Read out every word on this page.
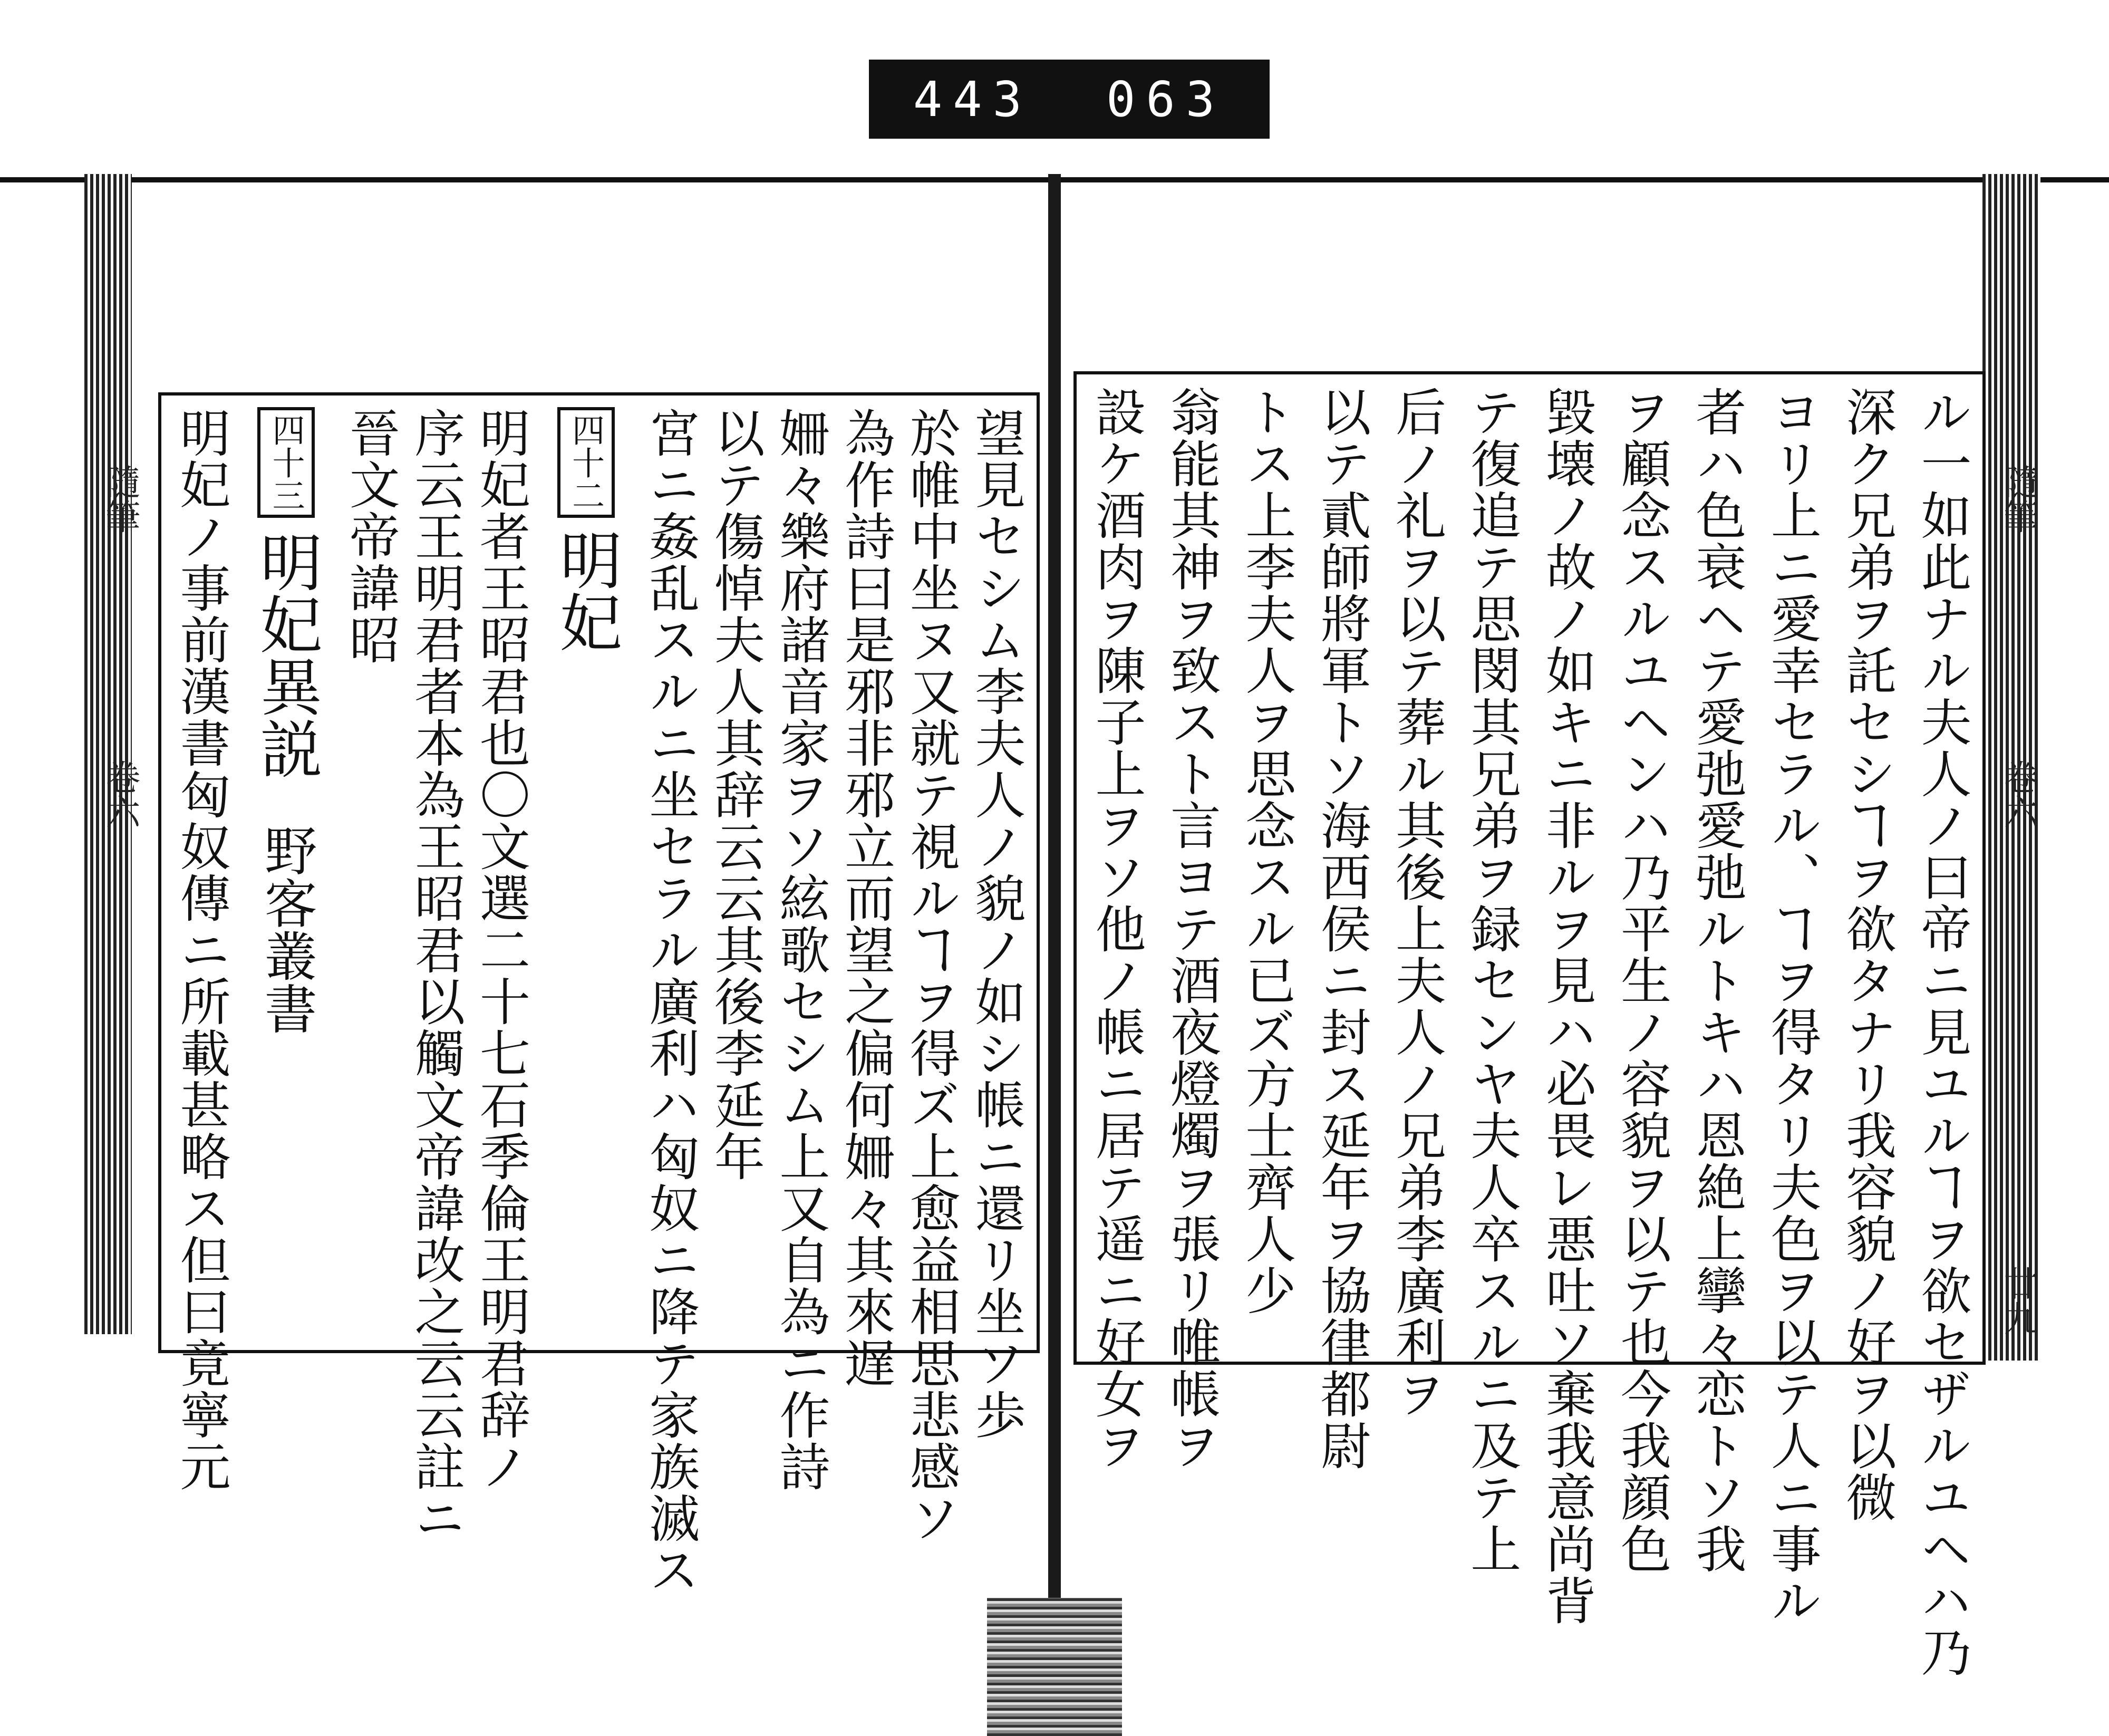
443 063
隨筆
卷六
隨筆
卷六
廿九
ル一如此ナル夫人ノ曰帝ニ見ユルヿヲ欲セザルユヘハ乃
深ク兄弟ヲ託セシヿヲ欲タナリ我容貌ノ好ヲ以微
ヨリ上ニ愛幸セラル、ヿヲ得タリ夫色ヲ以テ人ニ事ル
者ハ色衰ヘテ愛弛愛弛ルトキハ恩絶上攣々恋トソ我
ヲ顧念スルユヘンハ乃平生ノ容貌ヲ以テ也今我顔色
毀壊ノ故ノ如キニ非ルヲ見ハ必畏レ悪吐ソ棄我意尚背
テ復追テ思閔其兄弟ヲ録センヤ夫人卒スルニ及テ上
后ノ礼ヲ以テ葬ル其後上夫人ノ兄弟李廣利ヲ
以テ貳師將軍トソ海西侯ニ封ス延年ヲ協律都尉
トス上李夫人ヲ思念スル已ズ方士齊人少
翁能其神ヲ致スト言ヨテ酒夜燈燭ヲ張リ帷帳ヲ
設ケ酒肉ヲ陳子上ヲソ他ノ帳ニ居テ遥ニ好女ヲ
望見セシム李夫人ノ貌ノ如シ帳ニ還リ坐ソ歩
於帷中坐ヌ又就テ視ルヿヲ得ズ上愈益相思悲感ソ
為作詩曰是邪非邪立而望之偏何姍々其來遅
姍々樂府諸音家ヲソ絃歌セシム上又自為ニ作詩
以テ傷悼夫人其辞云云其後李延年
宮ニ姦乱スルニ坐セラル廣利ハ匈奴ニ降テ家族滅ス
四十二
明妃
明妃者王昭君也〇文選二十七石季倫王明君辞ノ
序云王明君者本為王昭君以觸文帝諱改之云云註ニ
晉文帝諱昭
四十三
明妃異説
野客叢書
明妃ノ事前漢書匈奴傳ニ所載甚略ス但曰竟寧元
